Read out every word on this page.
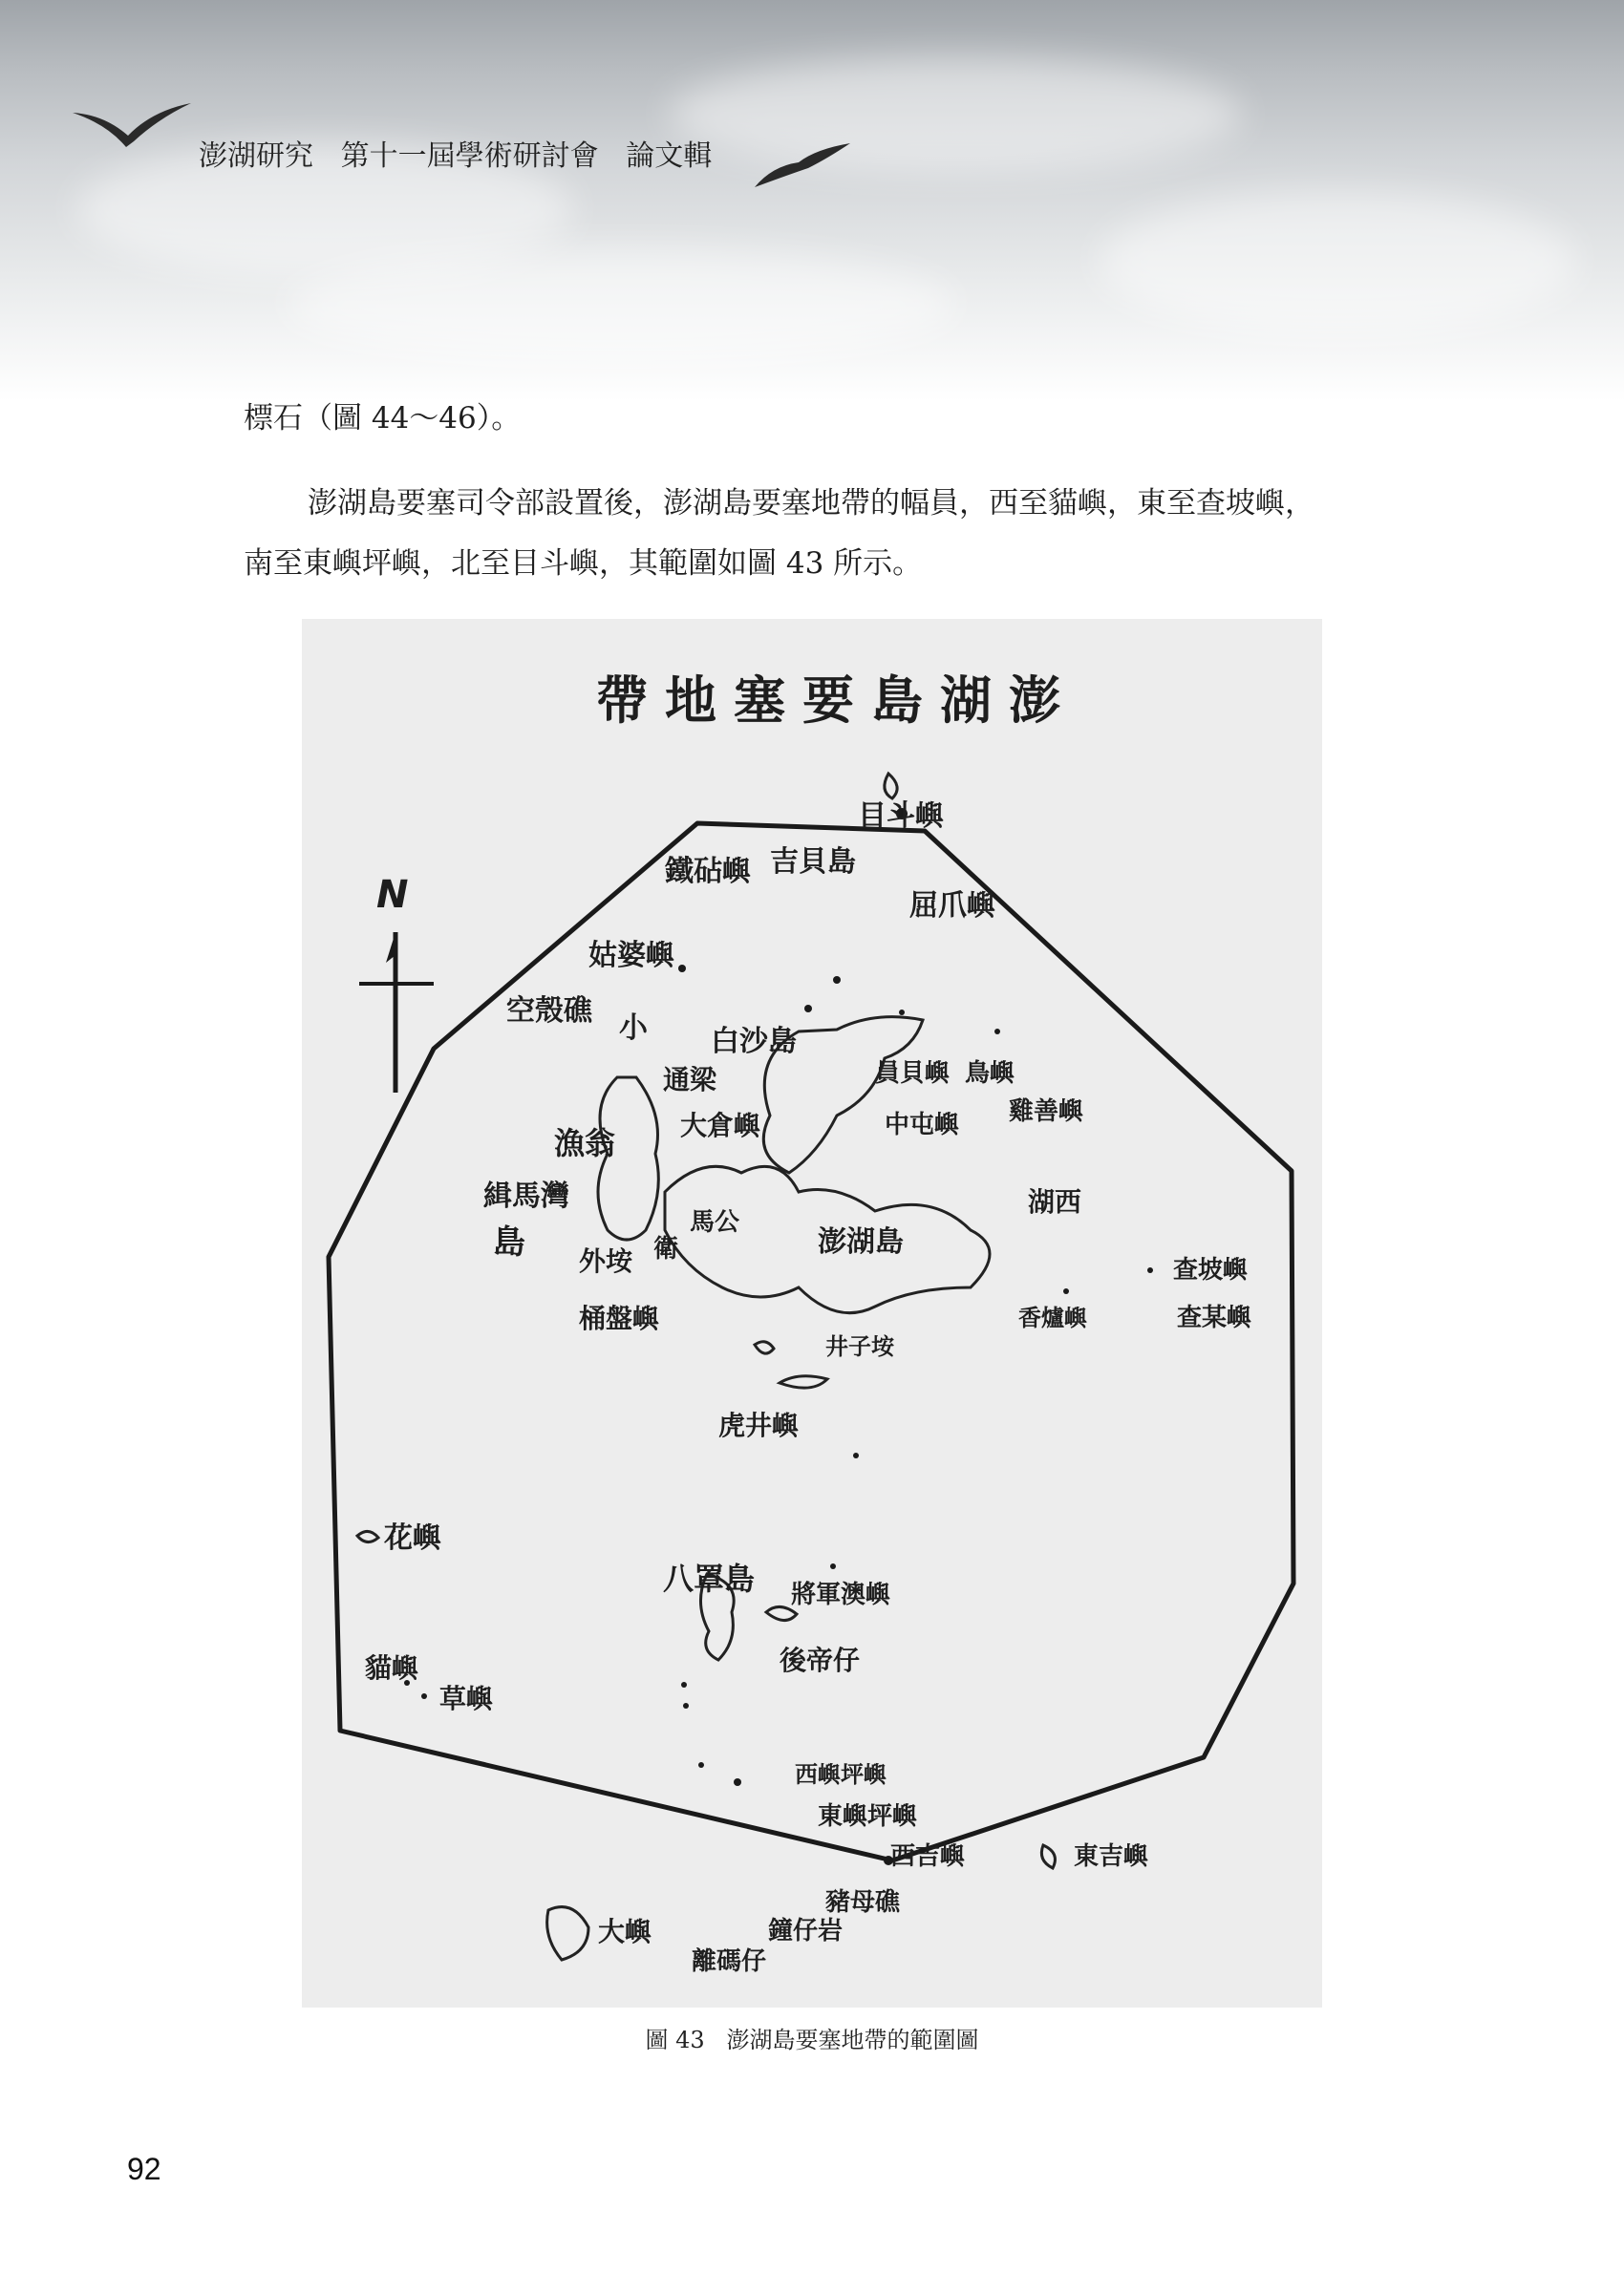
澎湖研究   第十一屆學術研討會   論文輯
標石（圖 44～46）。
澎湖島要塞司令部設置後，澎湖島要塞地帶的幅員，西至貓嶼，東至查坡嶼，
南至東嶼坪嶼，北至目斗嶼，其範圍如圖 43 所示。
N
澎湖島要塞地帶
目斗嶼
吉貝島
鐵砧嶼
姑婆嶼
空殼礁
屈爪嶼
白沙島
小
鳥嶼
員貝嶼
雞善嶼
中屯嶼
通梁
大倉嶼
漁翁
緝馬灣
島 外垵
馬公
衛	澎湖島
湖西
查坡嶼
查某嶼
桶盤嶼	香爐嶼
井子垵
虎井嶼
花嶼
八罩島 將軍澳嶼
後帝仔
貓嶼
草嶼
西嶼坪嶼
東嶼坪嶼
東吉嶼
西吉嶼
大嶼
豬母礁
鐘仔岩
離碼仔
圖 43   澎湖島要塞地帶的範圍圖
92
